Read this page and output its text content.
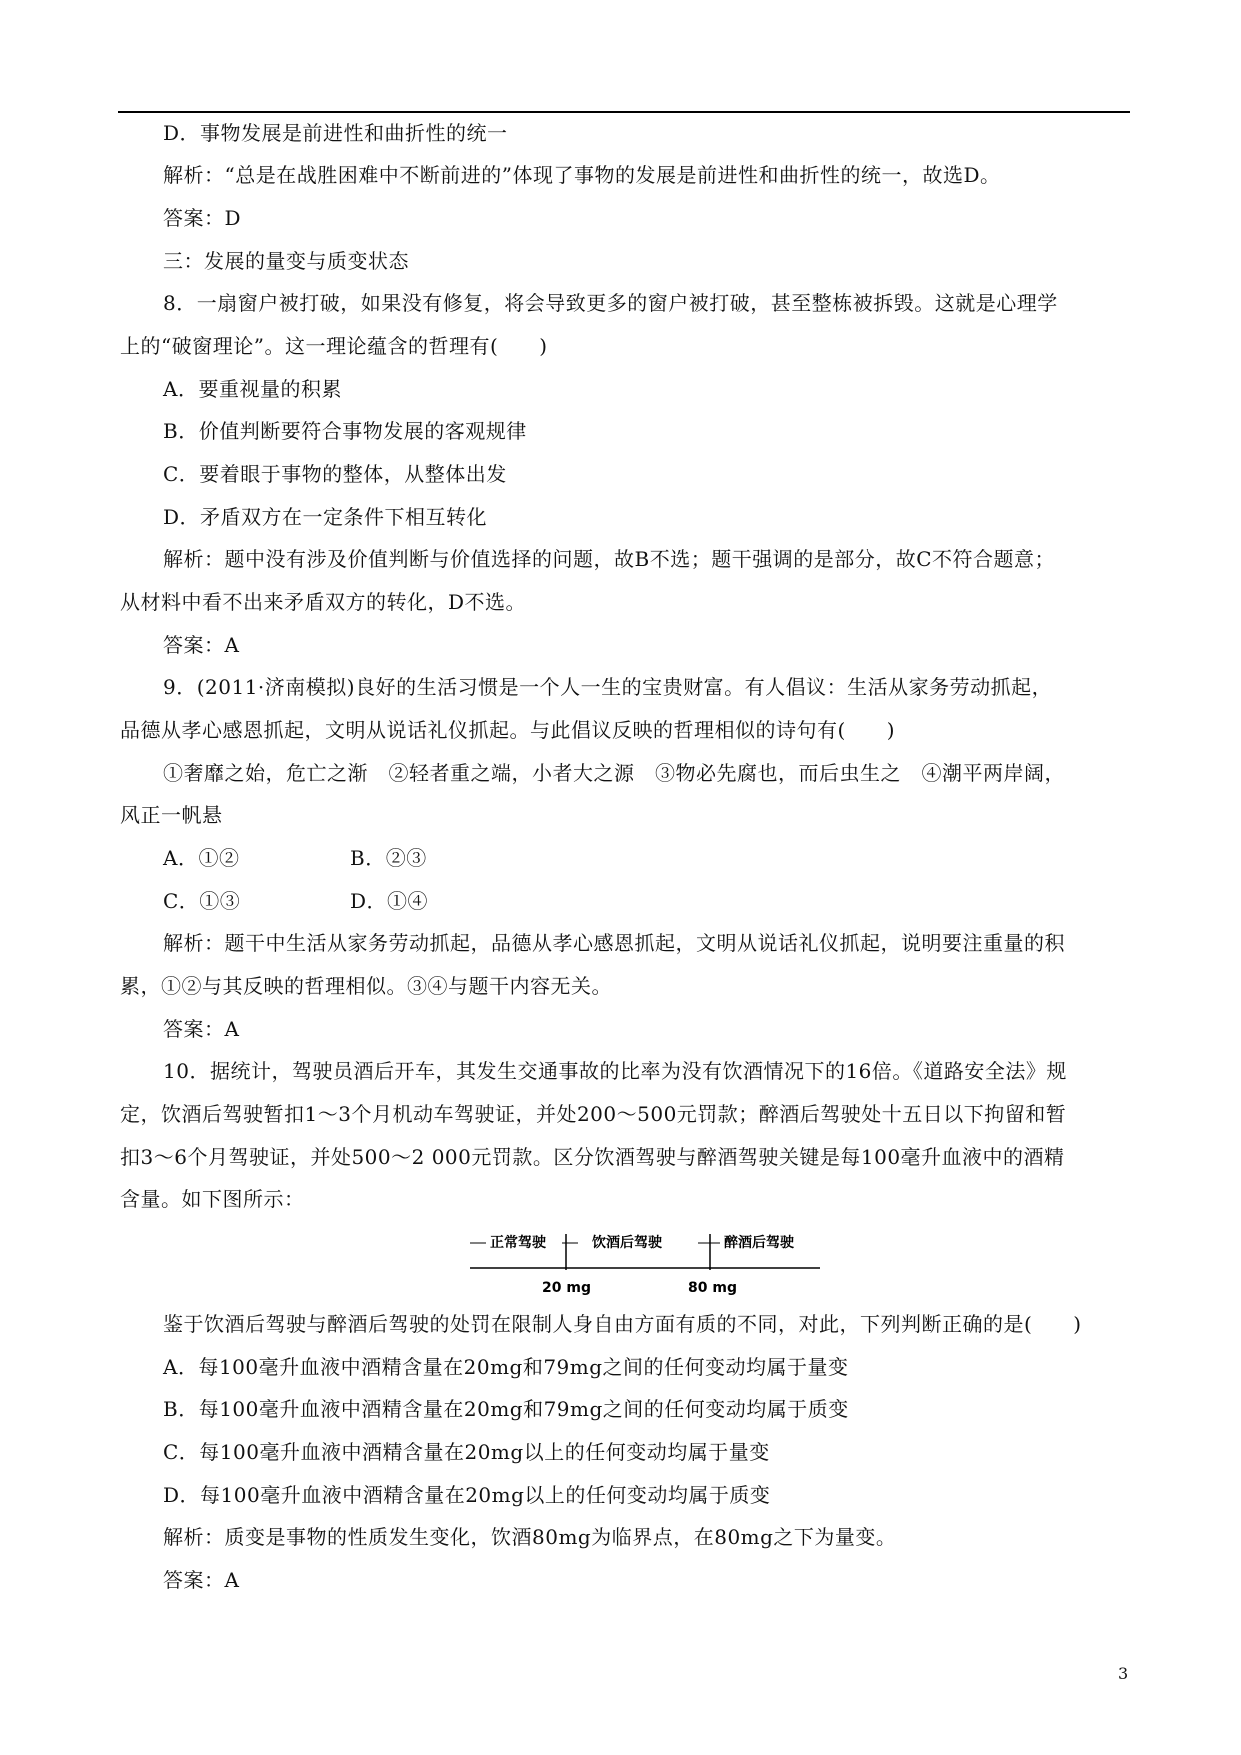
D．事物发展是前进性和曲折性的统一
解析：“总是在战胜困难中不断前进的”体现了事物的发展是前进性和曲折性的统一，故选D。
答案：D
三：发展的量变与质变状态
8．一扇窗户被打破，如果没有修复，将会导致更多的窗户被打破，甚至整栋被拆毁。这就是心理学
上的“破窗理论”。这一理论蕴含的哲理有(　　)
A．要重视量的积累
B．价值判断要符合事物发展的客观规律
C．要着眼于事物的整体，从整体出发
D．矛盾双方在一定条件下相互转化
解析：题中没有涉及价值判断与价值选择的问题，故B不选；题干强调的是部分，故C不符合题意；
从材料中看不出来矛盾双方的转化，D不选。
答案：A
9．(2011·济南模拟)良好的生活习惯是一个人一生的宝贵财富。有人倡议：生活从家务劳动抓起，
品德从孝心感恩抓起，文明从说话礼仪抓起。与此倡议反映的哲理相似的诗句有(　　)
①奢靡之始，危亡之渐　②轻者重之端，小者大之源　③物必先腐也，而后虫生之　④潮平两岸阔，
风正一帆悬
A．①②	B．②③
C．①③	D．①④
解析：题干中生活从家务劳动抓起，品德从孝心感恩抓起，文明从说话礼仪抓起，说明要注重量的积
累，①②与其反映的哲理相似。③④与题干内容无关。
答案：A
10．据统计，驾驶员酒后开车，其发生交通事故的比率为没有饮酒情况下的16倍。《道路安全法》规
定，饮酒后驾驶暂扣1～3个月机动车驾驶证，并处200～500元罚款；醉酒后驾驶处十五日以下拘留和暂
扣3～6个月驾驶证，并处500～2 000元罚款。区分饮酒驾驶与醉酒驾驶关键是每100毫升血液中的酒精
含量。如下图所示：
正常驾驶	饮酒后驾驶	醉酒后驾驶
20 mg	80 mg
鉴于饮酒后驾驶与醉酒后驾驶的处罚在限制人身自由方面有质的不同，对此，下列判断正确的是(　　)
A．每100毫升血液中酒精含量在20mg和79mg之间的任何变动均属于量变
B．每100毫升血液中酒精含量在20mg和79mg之间的任何变动均属于质变
C．每100毫升血液中酒精含量在20mg以上的任何变动均属于量变
D．每100毫升血液中酒精含量在20mg以上的任何变动均属于质变
解析：质变是事物的性质发生变化，饮酒80mg为临界点，在80mg之下为量变。
答案：A
3
